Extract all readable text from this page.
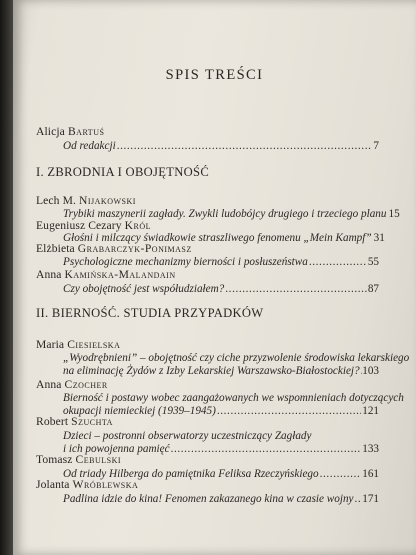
SPIS TREŚCI
Alicja Bartuś
Od redakcji .....	7
I. ZBRODNIA I OBOJĘTNOŚĆ
Lech M. Nijakowski
Trybiki maszynerii zagłady. Zwykli ludobójcy drugiego i trzeciego planu 15
Eugeniusz Cezary Król
Głośni i milczący świadkowie straszliwego fenomenu „Mein Kampf” 31
Elżbieta Grabarczyk-Ponimasz
Psychologiczne mechanizmy bierności i posłuszeństwa .....	55
Anna Kamińska-Malandain
Czy obojętność jest współudziałem? .....	87
II. BIERNOŚĆ. STUDIA PRZYPADKÓW
Maria Ciesielska
„Wyodrębnieni” – obojętność czy ciche przyzwolenie środowiska lekarskiego
na eliminację Żydów z Izby Lekarskiej Warszawsko-Białostockiej? ..... 103
Anna Czocher
Bierność i postawy wobec zaangażowanych we wspomnieniach dotyczących
okupacji niemieckiej (1939–1945) .....	121
Robert Szuchta
Dzieci – postronni obserwatorzy uczestniczący Zagłady
i ich powojenna pamięć .....	133
Tomasz Cebulski
Od triady Hilberga do pamiętnika Feliksa Rzeczyńskiego .....	161
Jolanta Wróblewska
Padlina idzie do kina! Fenomen zakazanego kina w czasie wojny ..... 171
